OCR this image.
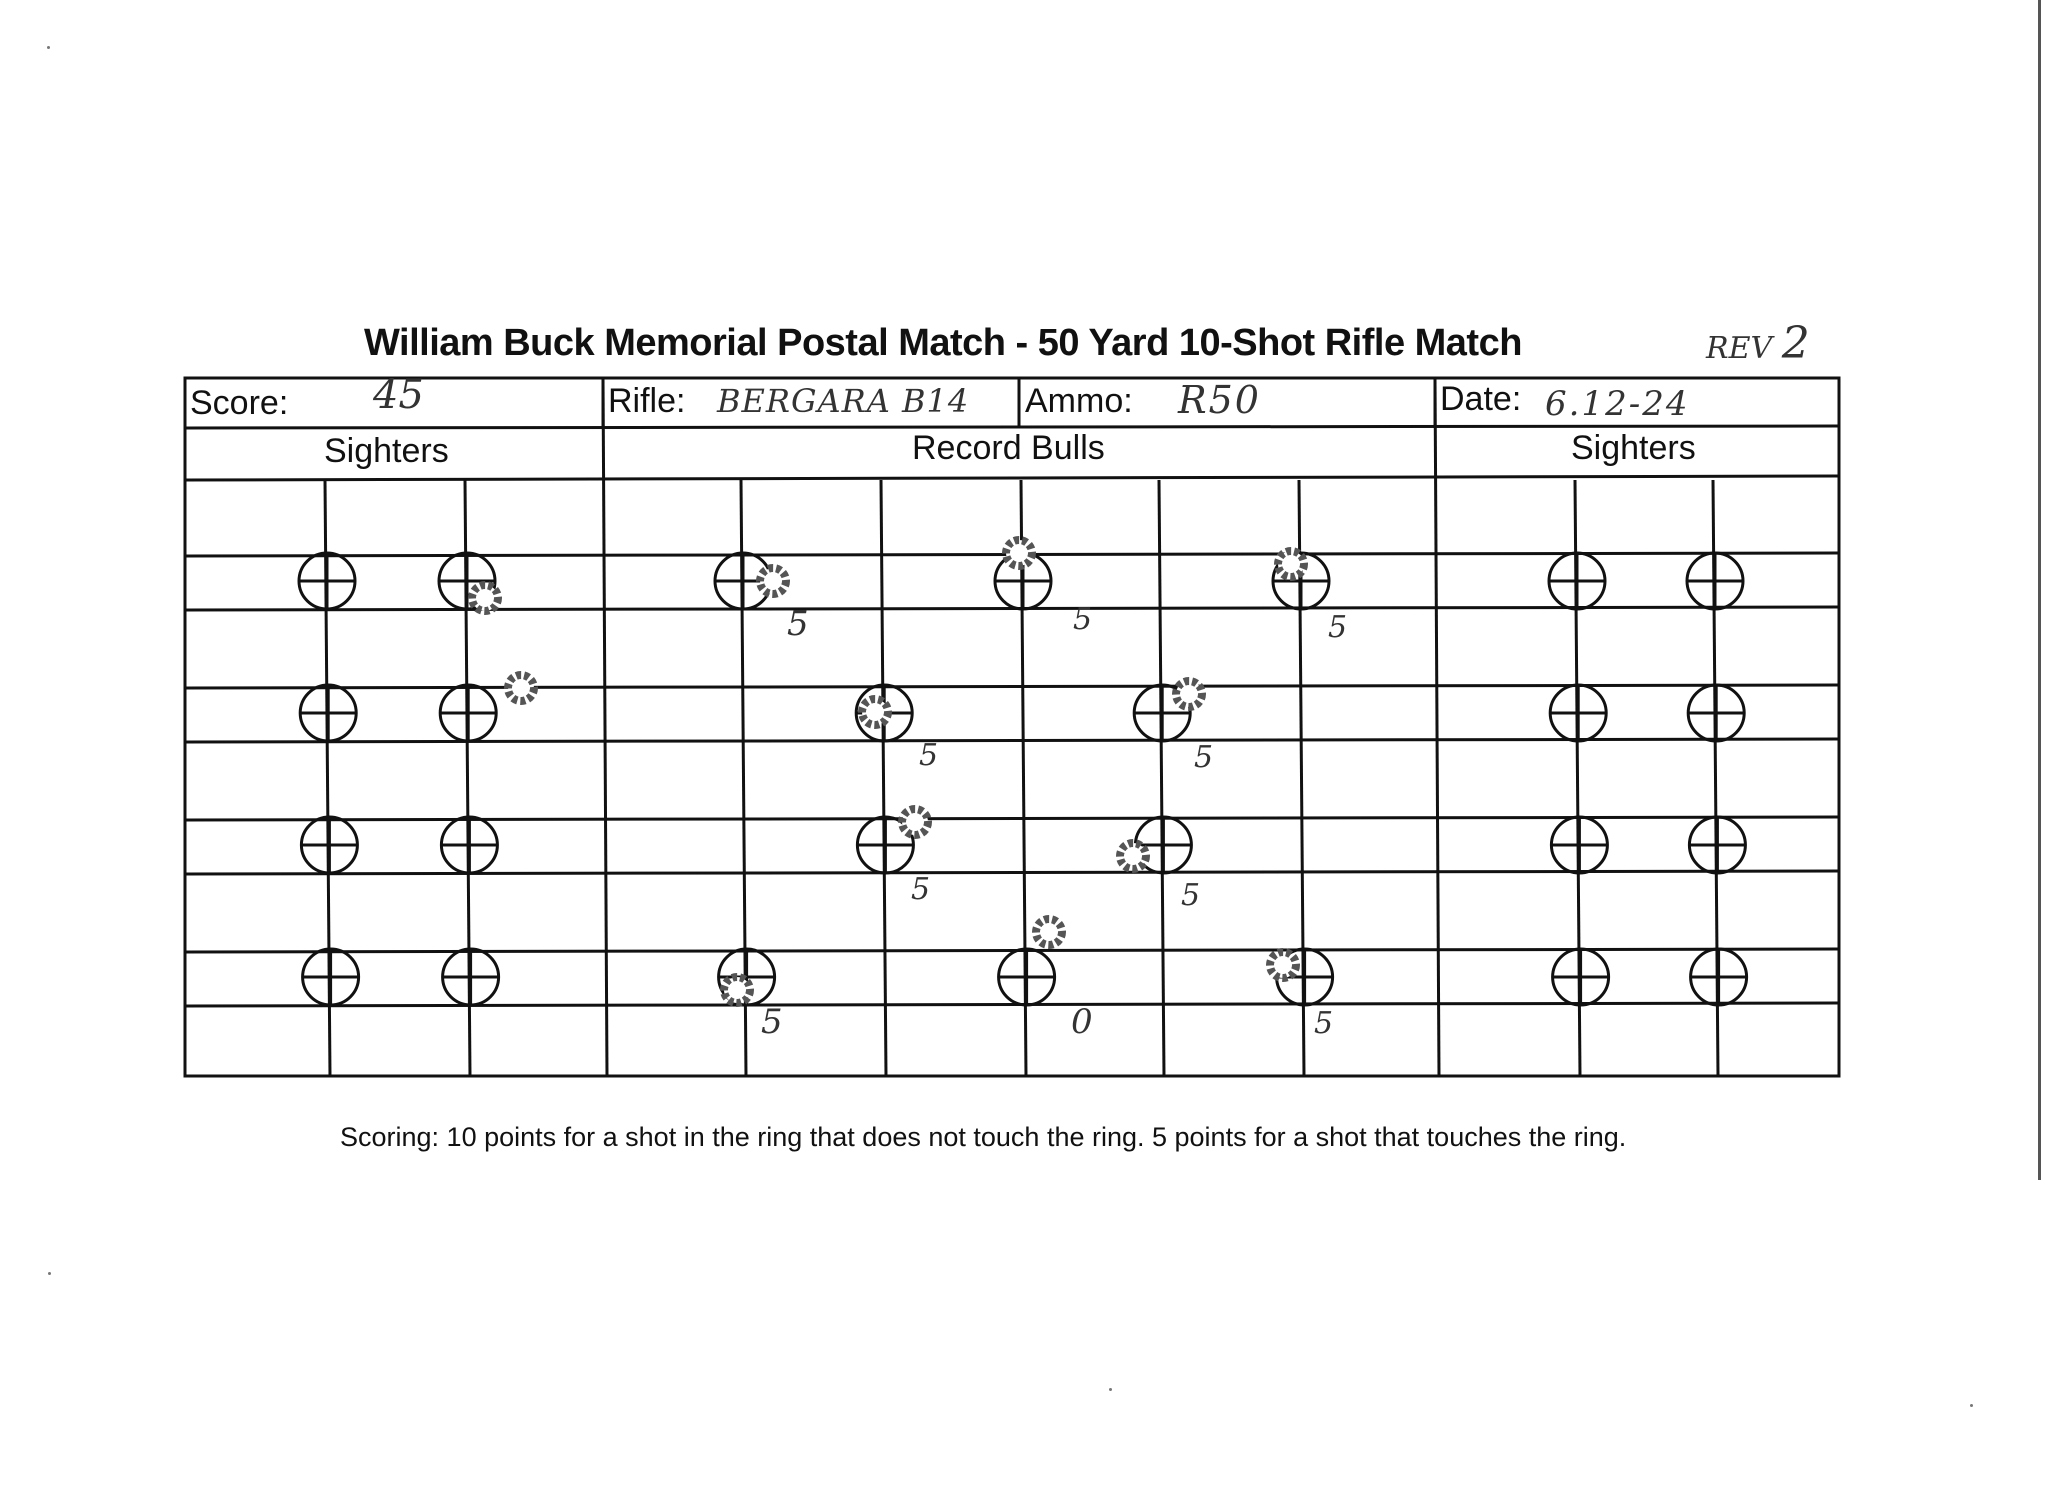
William Buck Memorial Postal Match - 50 Yard 10-Shot Rifle Match	REV 2
Score: 45	Rifle: BERGARA B14 Ammo: R50	Date: 6.12-24
Sighters	Record Bulls	Sighters
5	5	5
5	5
5	5
5	0	5
Scoring: 10 points for a shot in the ring that does not touch the ring. 5 points for a shot that touches the ring.
